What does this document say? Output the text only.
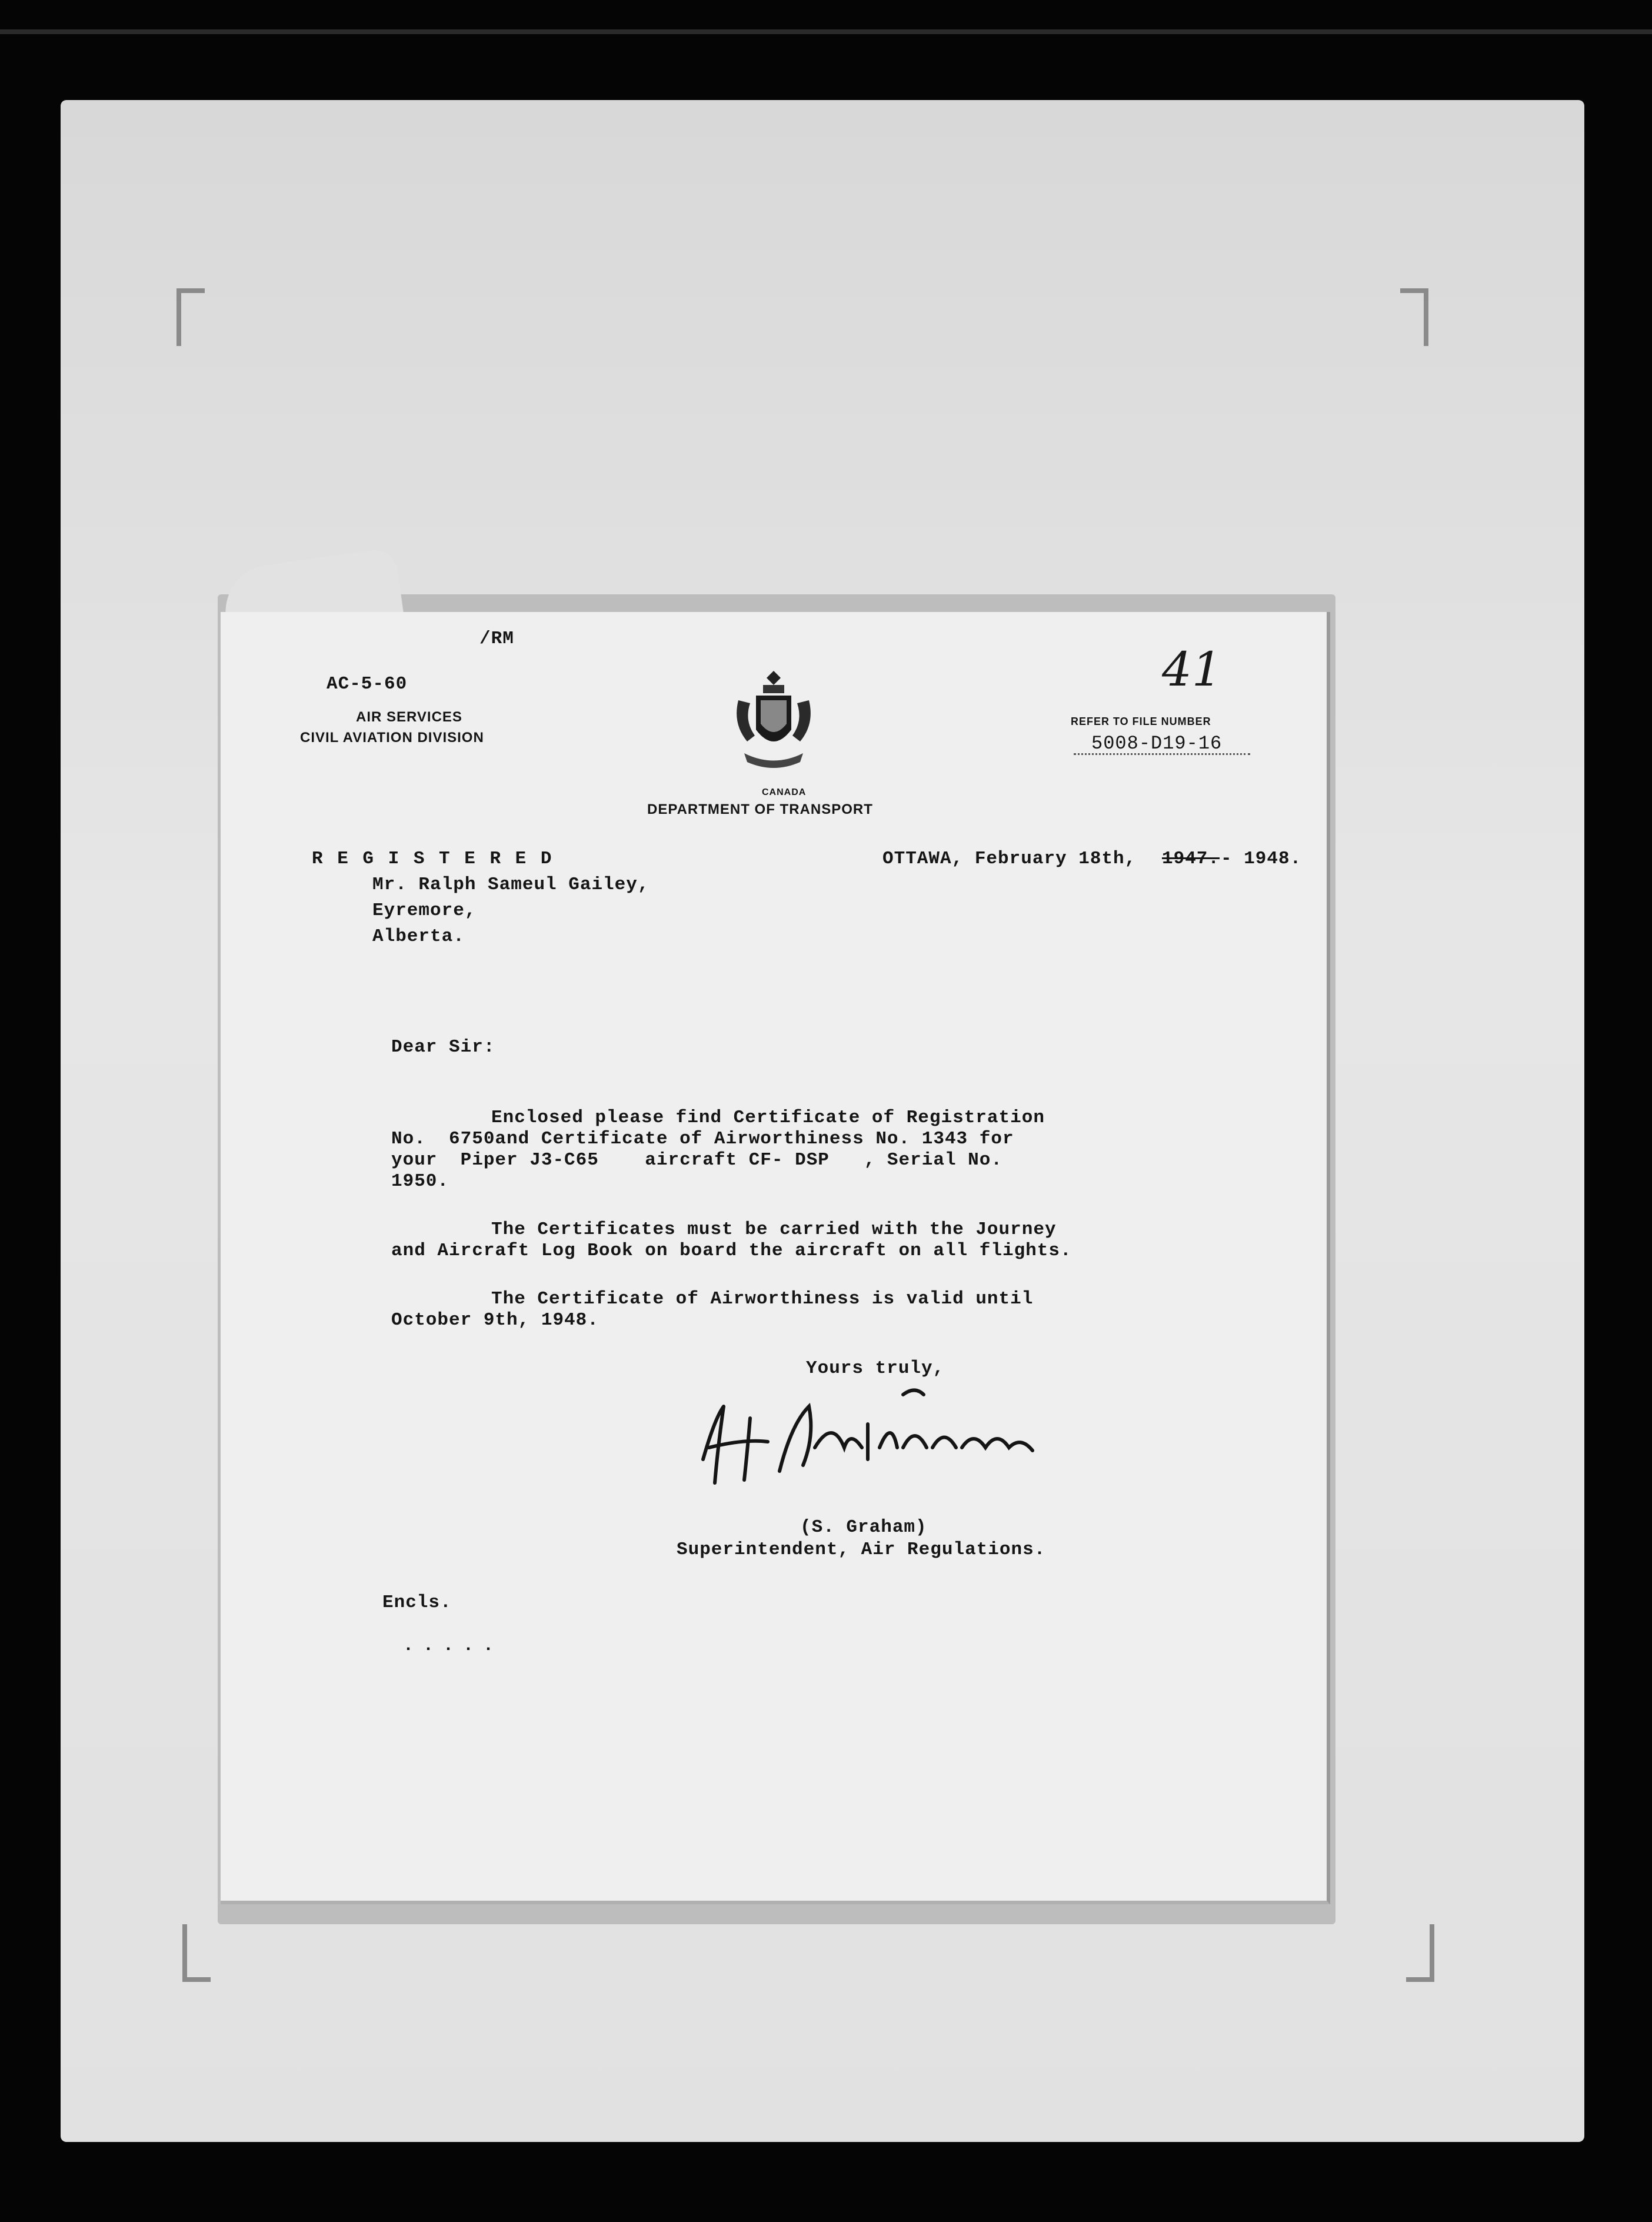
/RM
AC-5-60
AIR SERVICES
CIVIL AVIATION DIVISION
CANADA
DEPARTMENT OF TRANSPORT
41
REFER TO FILE NUMBER
5008-D19-16
R E G I S T E R E D	OTTAWA, February 18th, 1947. - 1948.
Mr. Ralph Sameul Gailey,
Eyremore,
Alberta.
Dear Sir:
Enclosed please find Certificate of Registration
No.  6750and Certificate of Airworthiness No. 1343 for
your  Piper J3-C65    aircraft CF- DSP   , Serial No.
1950.
The Certificates must be carried with the Journey
and Aircraft Log Book on board the aircraft on all flights.
The Certificate of Airworthiness is valid until
October 9th, 1948.
Yours truly,
(S. Graham)
Superintendent, Air Regulations.
Encls.
.....
